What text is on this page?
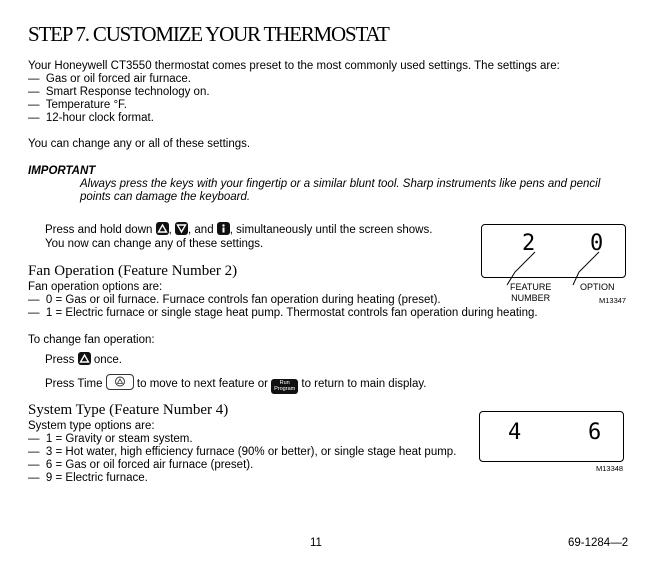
STEP 7. CUSTOMIZE YOUR THERMOSTAT
Your Honeywell CT3550 thermostat comes preset to the most commonly used settings. The settings are:
— Gas or oil forced air furnace.
— Smart Response technology on.
— Temperature °F.
— 12-hour clock format.
You can change any or all of these settings.
IMPORTANT
Always press the keys with your fingertip or a similar blunt tool. Sharp instruments like pens and pencil
points can damage the keyboard.
Press and hold down , , and , simultaneously until the screen shows.
You now can change any of these settings.	2 0
FEATURE
NUMBER
OPTION
M13347
Fan Operation (Feature Number 2)
Fan operation options are:
— 0 = Gas or oil furnace. Furnace controls fan operation during heating (preset).
— 1 = Electric furnace or single stage heat pump. Thermostat controls fan operation during heating.
To change fan operation:
Press once.
Press Time	to move to next feature or Run
Program to return to main display.
System Type (Feature Number 4)
System type options are:
— 1 = Gravity or steam system.
— 3 = Hot water, high efficiency furnace (90% or better), or single stage heat pump.
— 6 = Gas or oil forced air furnace (preset).
— 9 = Electric furnace.
4	6
M13348
11	69-1284—2
